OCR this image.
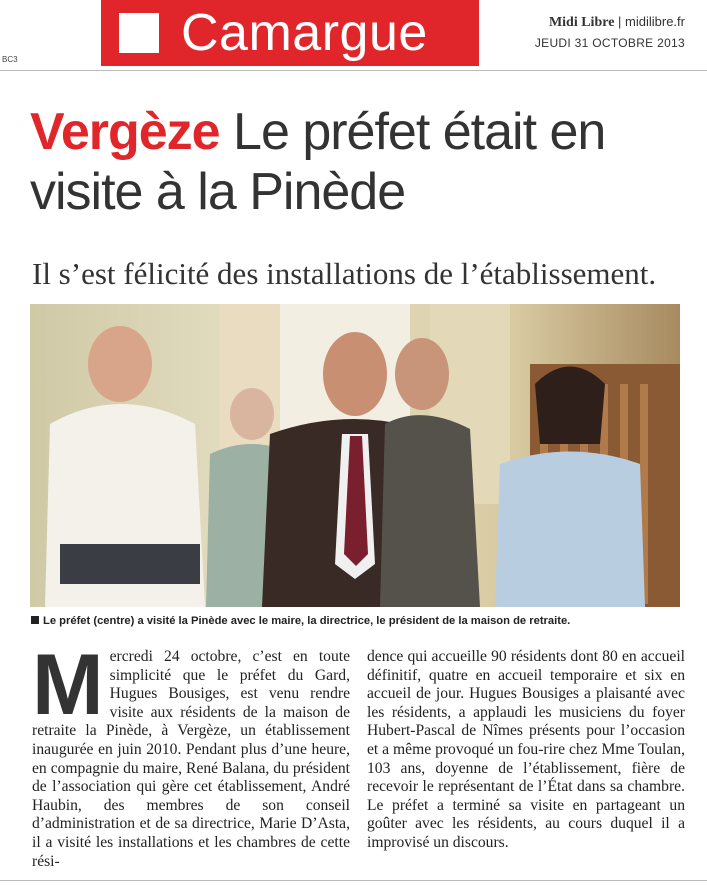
Camargue	Midi Libre | midilibre.fr
JEUDI 31 OCTOBRE 2013
BC3
Vergèze Le préfet était en visite à la Pinède
Il s’est félicité des installations de l’établissement.
Le préfet (centre) a visité la Pinède avec le maire, la directrice, le président de la maison de retraite.
M ercredi 24 octobre, c’est en toute simplicité que le préfet du Gard, Hugues Bousiges, est venu rendre visite aux résidents de la maison de retraite la Pinède, à Vergèze, un établissement inaugurée en juin 2010. Pendant plus d’une heure, en compagnie du maire, René Balana, du président de l’association qui gère cet établissement, André Haubin, des membres de son conseil d’administration et de sa directrice, Marie D’Asta, il a visité les installations et les chambres de cette rési-
dence qui accueille 90 résidents dont 80 en accueil définitif, quatre en accueil temporaire et six en accueil de jour. Hugues Bousiges a plaisanté avec les résidents, a applaudi les musiciens du foyer Hubert-Pascal de Nîmes présents pour l’occasion et a même provoqué un fou-rire chez Mme Toulan, 103 ans, doyenne de l’établissement, fière de recevoir le représentant de l’État dans sa chambre. Le préfet a terminé sa visite en partageant un goûter avec les résidents, au cours duquel il a improvisé un discours.
